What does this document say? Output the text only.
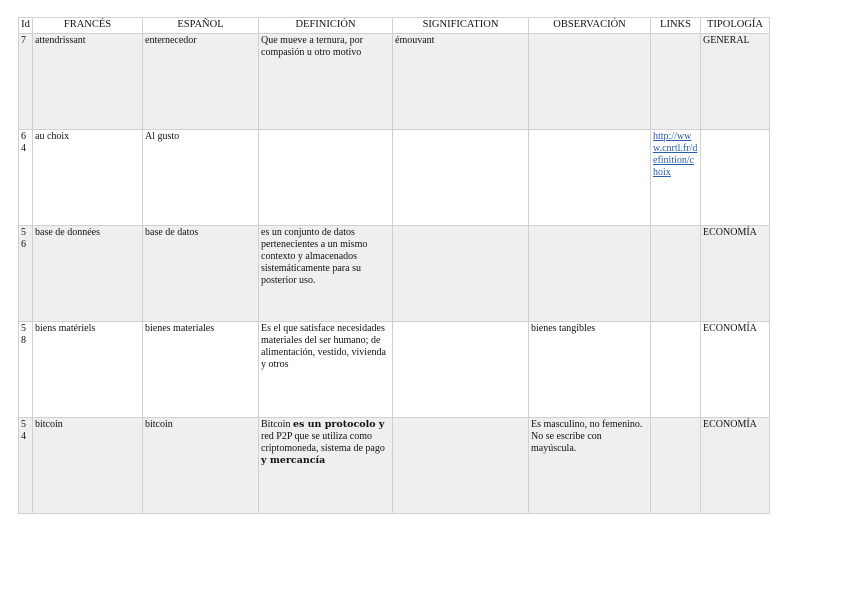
Id	FRANCÉS	ESPAÑOL	DEFINICIÓN	SIGNIFICATION	OBSERVACIÓN	LINKS	TIPOLOGÍA
7	attendrissant	enternecedor	Que mueve a ternura, por compasión u otro motivo	émouvant			GENERAL
64	au choix	Al gusto				http://www.cnrtl.fr/definition/choix	
56	base de données	base de datos	es un conjunto de datos pertenecientes a un mismo contexto y almacenados sistemáticamente para su posterior uso.				ECONOMÍA
58	biens matériels	bienes materiales	Es el que satisface necesidades materiales del ser humano; de alimentación, vestido, vivienda y otros		bienes tangibles		ECONOMÍA
54	bitcoin	bitcoin	Bitcoin es un protocolo y red P2P que se utiliza como criptomoneda, sistema de pago y mercancía		Es masculino, no femenino. No se escribe con mayúscula.		ECONOMÍA
